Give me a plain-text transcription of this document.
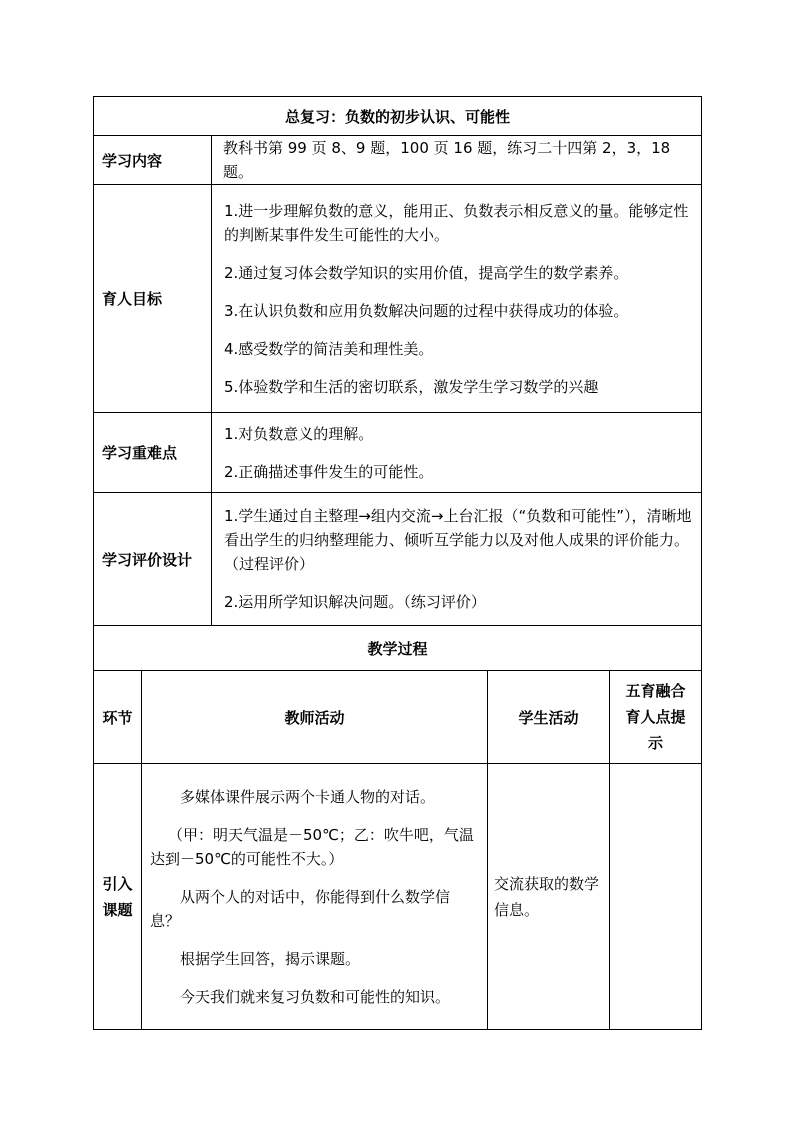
总复习：负数的初步认识、可能性				
学习内容		教科书第 99 页 8、9 题，100 页 16 题，练习二十四第 2，3，18 题。		
育人目标		1.进一步理解负数的意义，能用正、负数表示相反意义的量。能够定性的判断某事件发生可能性的大小。

2.通过复习体会数学知识的实用价值，提高学生的数学素养。

3.在认识负数和应用负数解决问题的过程中获得成功的体验。

4.感受数学的简洁美和理性美。

5.体验数学和生活的密切联系，激发学生学习数学的兴趣		

学习重难点		1.对负数意义的理解。

2.正确描述事件发生的可能性。		

学习评价设计		1.学生通过自主整理→组内交流→上台汇报（“负数和可能性”），清晰地看出学生的归纳整理能力、倾听互学能力以及对他人成果的评价能力。（过程评价）

2.运用所学知识解决问题。（练习评价）		

教学过程				
环节	教师活动		学生活动	五育融合育人点提示
引入课题	多媒体课件展示两个卡通人物的对话。

（甲：明天气温是－50℃；乙：吹牛吧，气温达到－50℃的可能性不大。）

从两个人的对话中，你能得到什么数学信息？

根据学生回答，揭示课题。

今天我们就来复习负数和可能性的知识。		交流获取的数学信息。	
